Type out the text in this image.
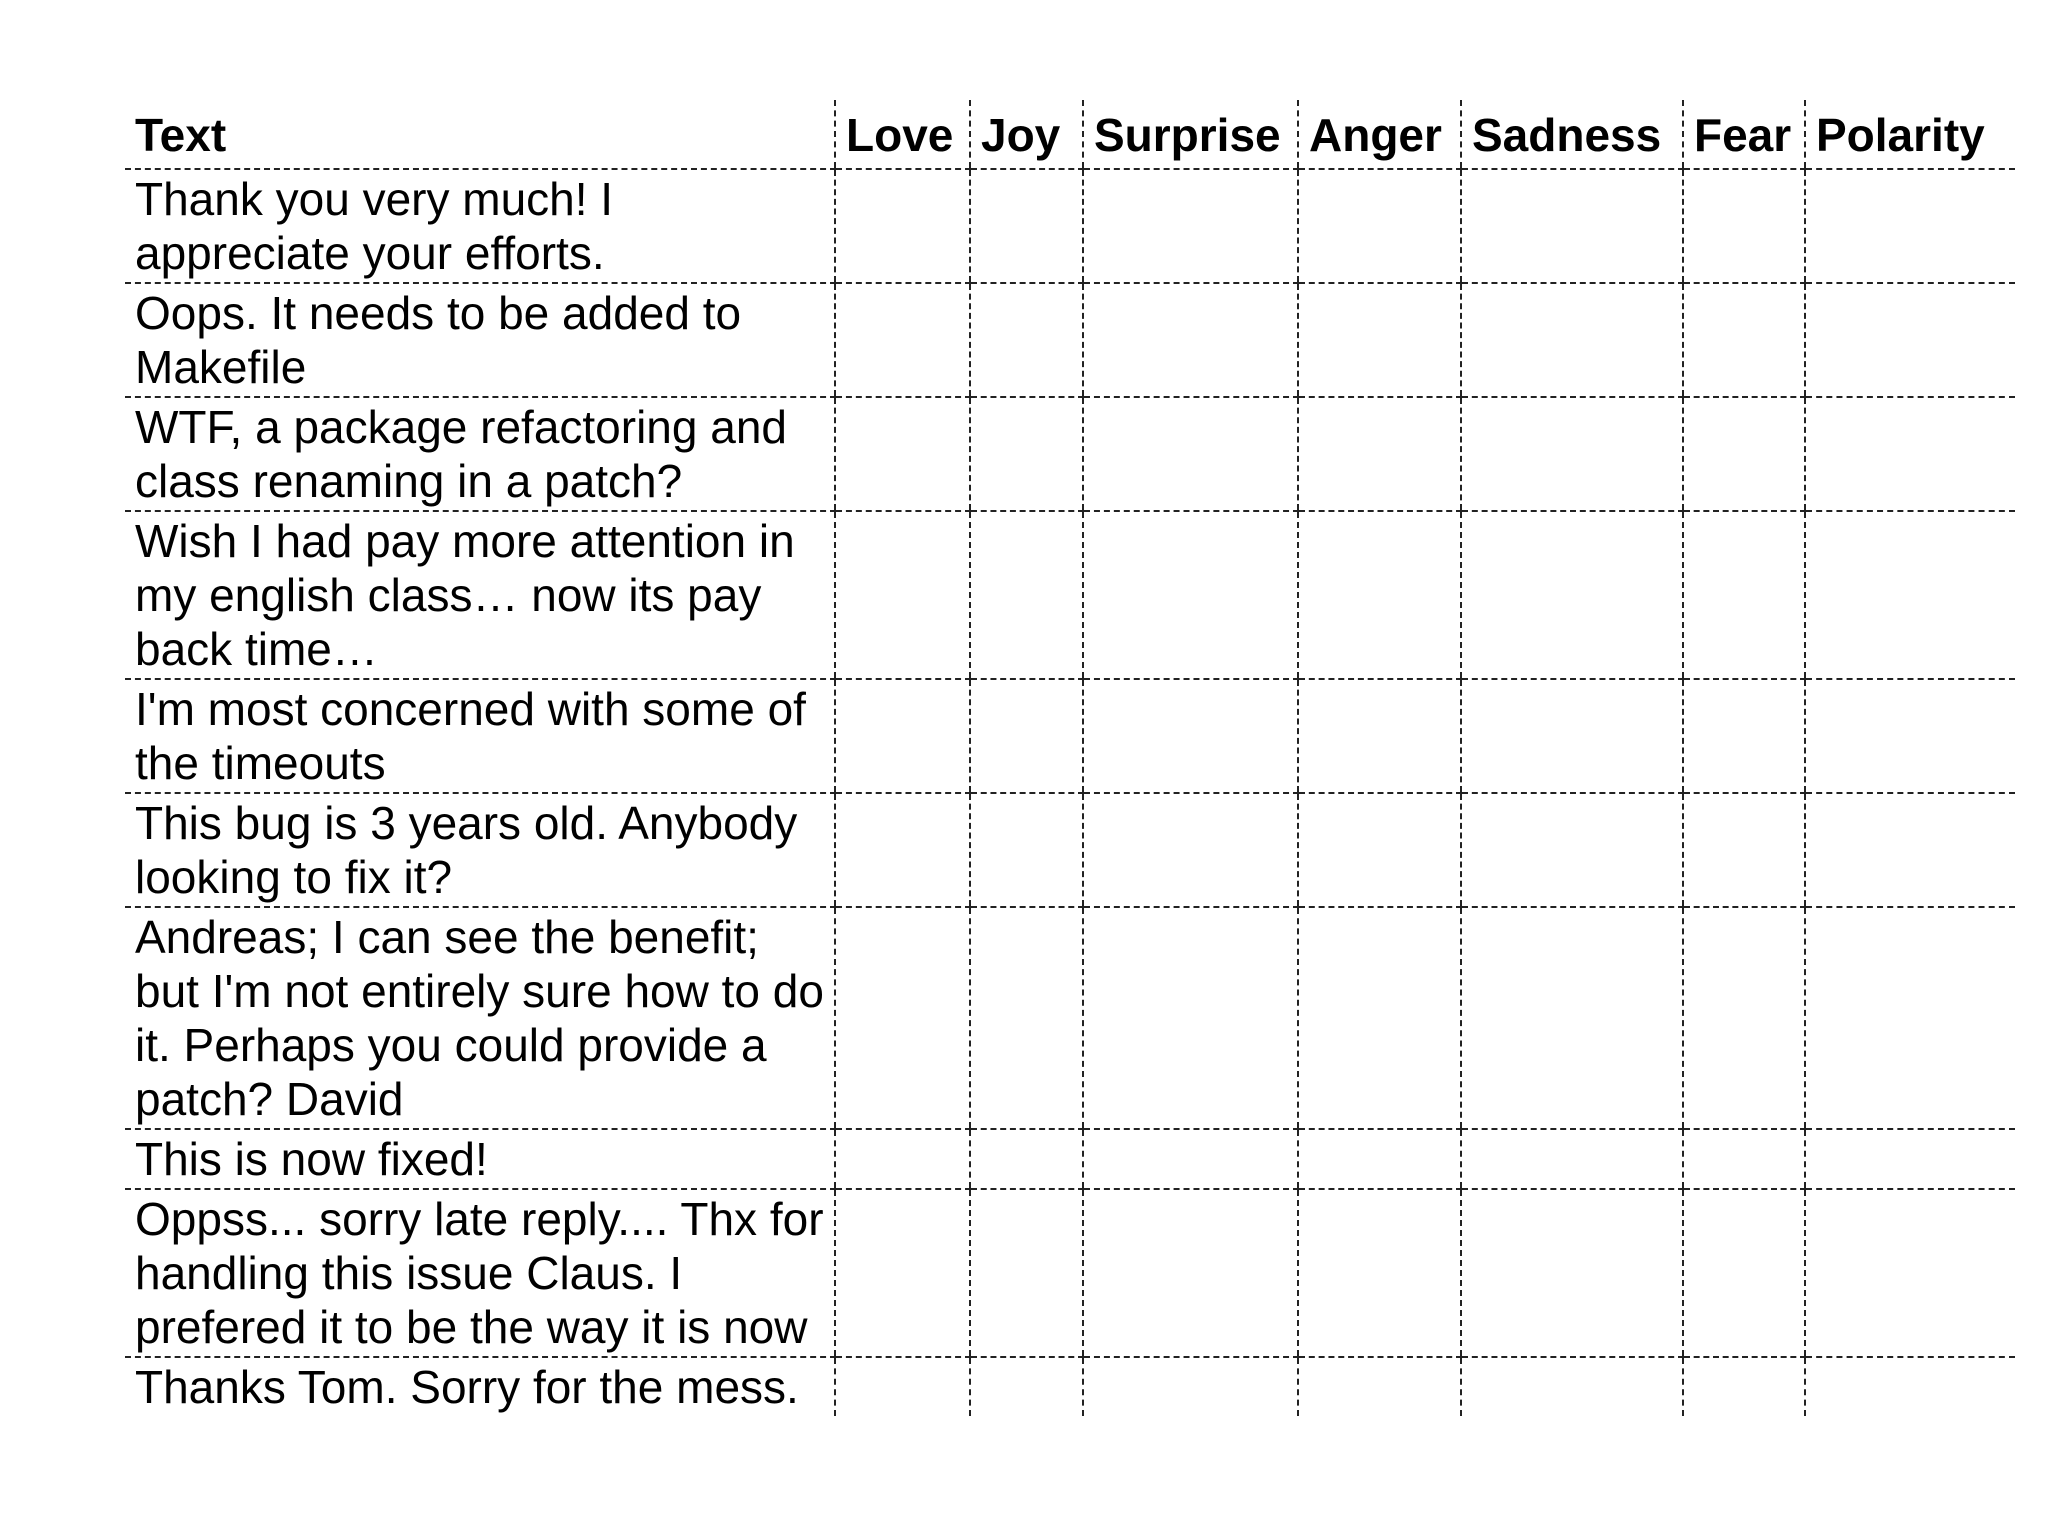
Text	Love	Joy	Surprise	Anger	Sadness	Fear	Polarity
Thank you very much! I appreciate your efforts.							
Oops. It needs to be added to Makefile							
WTF, a package refactoring and class renaming in a patch?							
Wish I had pay more attention in my english class… now its pay back time…							
I'm most concerned with some of the timeouts							
This bug is 3 years old. Anybody looking to fix it?							
Andreas; I can see the benefit; but I'm not entirely sure how to do it. Perhaps you could provide a patch? David							
This is now fixed!							
Oppss... sorry late reply.... Thx for handling this issue Claus. I prefered it to be the way it is now							
Thanks Tom. Sorry for the mess.							
